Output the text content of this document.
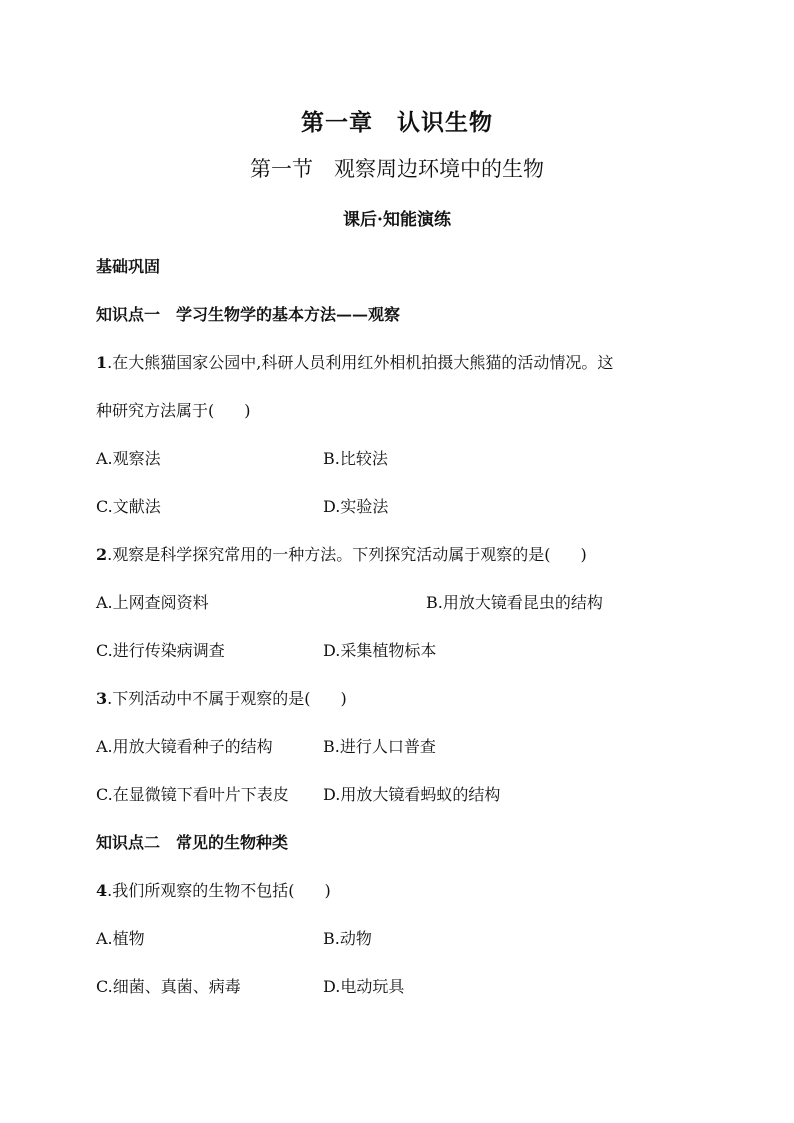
第一章　认识生物
第一节　观察周边环境中的生物
课后·知能演练
基础巩固
知识点一　学习生物学的基本方法——观察
1.在大熊猫国家公园中,科研人员利用红外相机拍摄大熊猫的活动情况。这
种研究方法属于( )
A.观察法	B.比较法
C.文献法	D.实验法
2.观察是科学探究常用的一种方法。下列探究活动属于观察的是( )
A.上网查阅资料	B.用放大镜看昆虫的结构
C.进行传染病调查	D.采集植物标本
3.下列活动中不属于观察的是( )
A.用放大镜看种子的结构	B.进行人口普查
C.在显微镜下看叶片下表皮 D.用放大镜看蚂蚁的结构
知识点二　常见的生物种类
4.我们所观察的生物不包括( )
A.植物	B.动物
C.细菌、真菌、病毒	D.电动玩具
